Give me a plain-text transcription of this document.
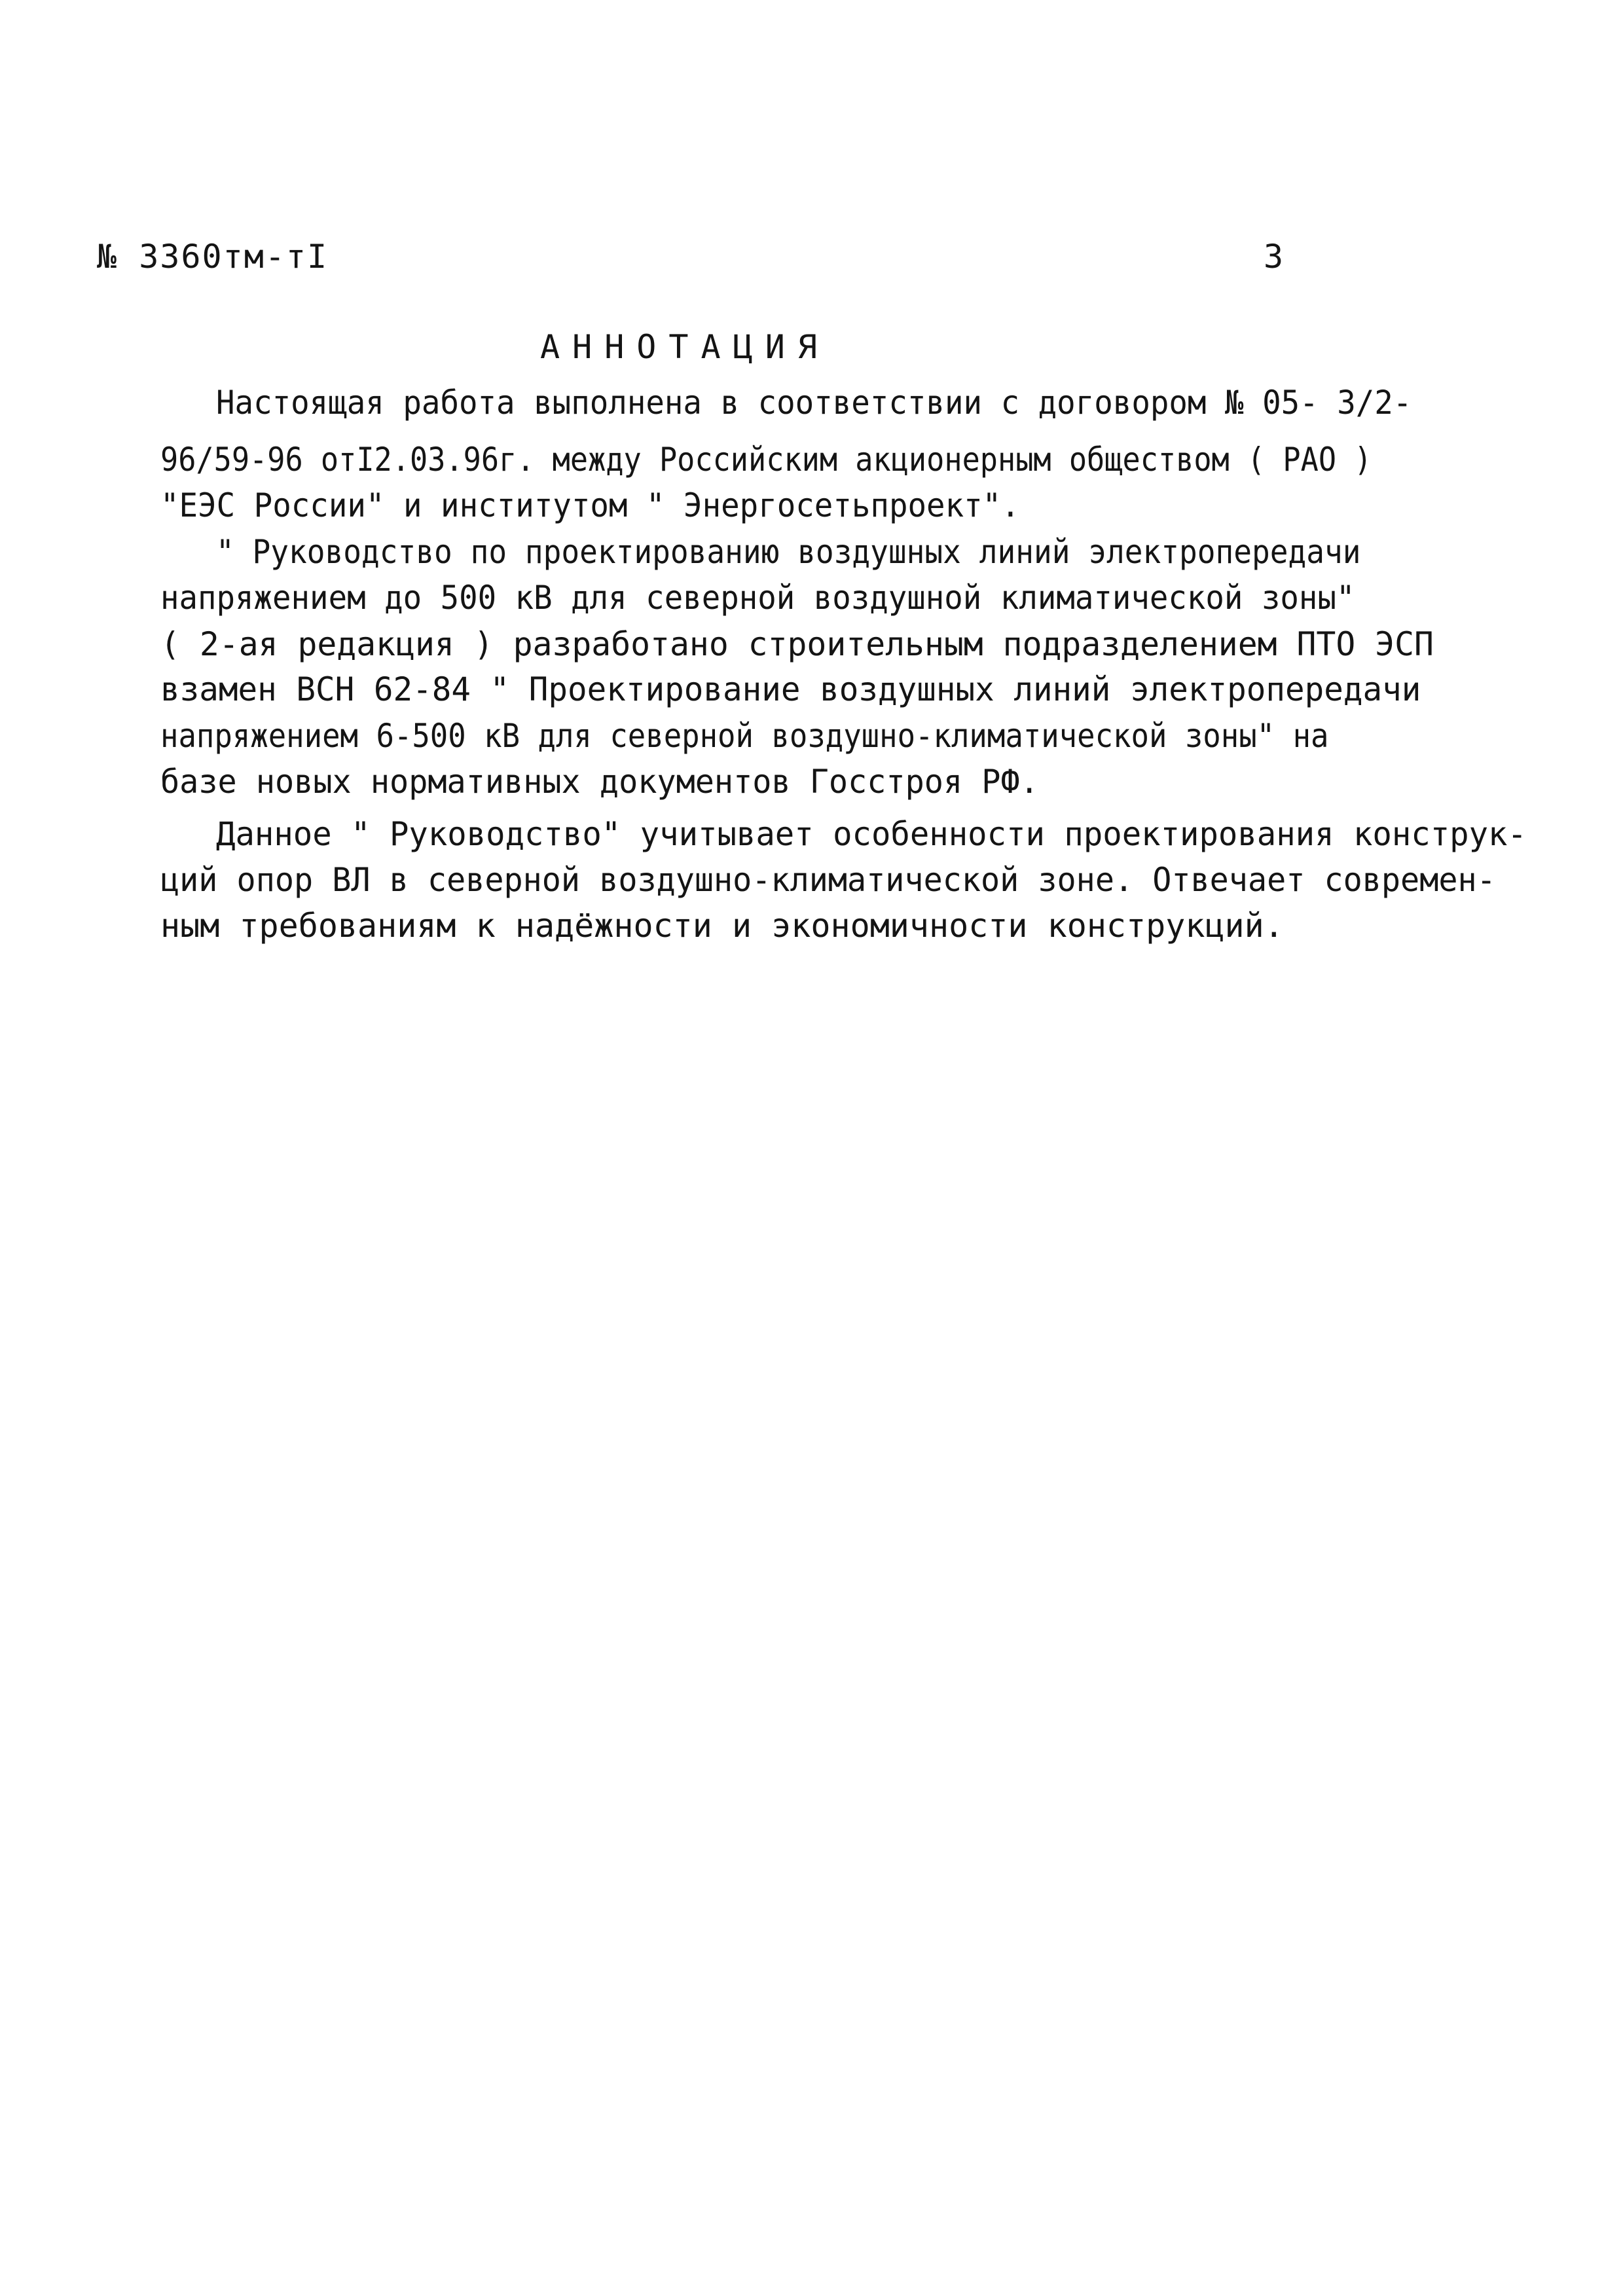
№ 3360тм-тI	3
АННОТАЦИЯ
Настоящая работа выполнена в соответствии с договором № 05- 3/2-
96/59-96 отI2.03.96г. между Российским акционерным обществом ( РАО )
"ЕЭС России" и институтом " Энергосетьпроект".
" Руководство по проектированию воздушных линий электропередачи
напряжением до 500 кВ для северной воздушной климатической зоны"
( 2-ая редакция ) разработано строительным подразделением ПТО ЭСП
взамен ВСН 62-84 " Проектирование воздушных линий электропередачи
напряжением 6-500 кВ для северной воздушно-климатической зоны" на
базе новых нормативных документов Госстроя РФ.
Данное " Руководство" учитывает особенности проектирования конструк-
ций опор ВЛ в северной воздушно-климатической зоне. Отвечает современ-
ным требованиям к надёжности и экономичности конструкций.
